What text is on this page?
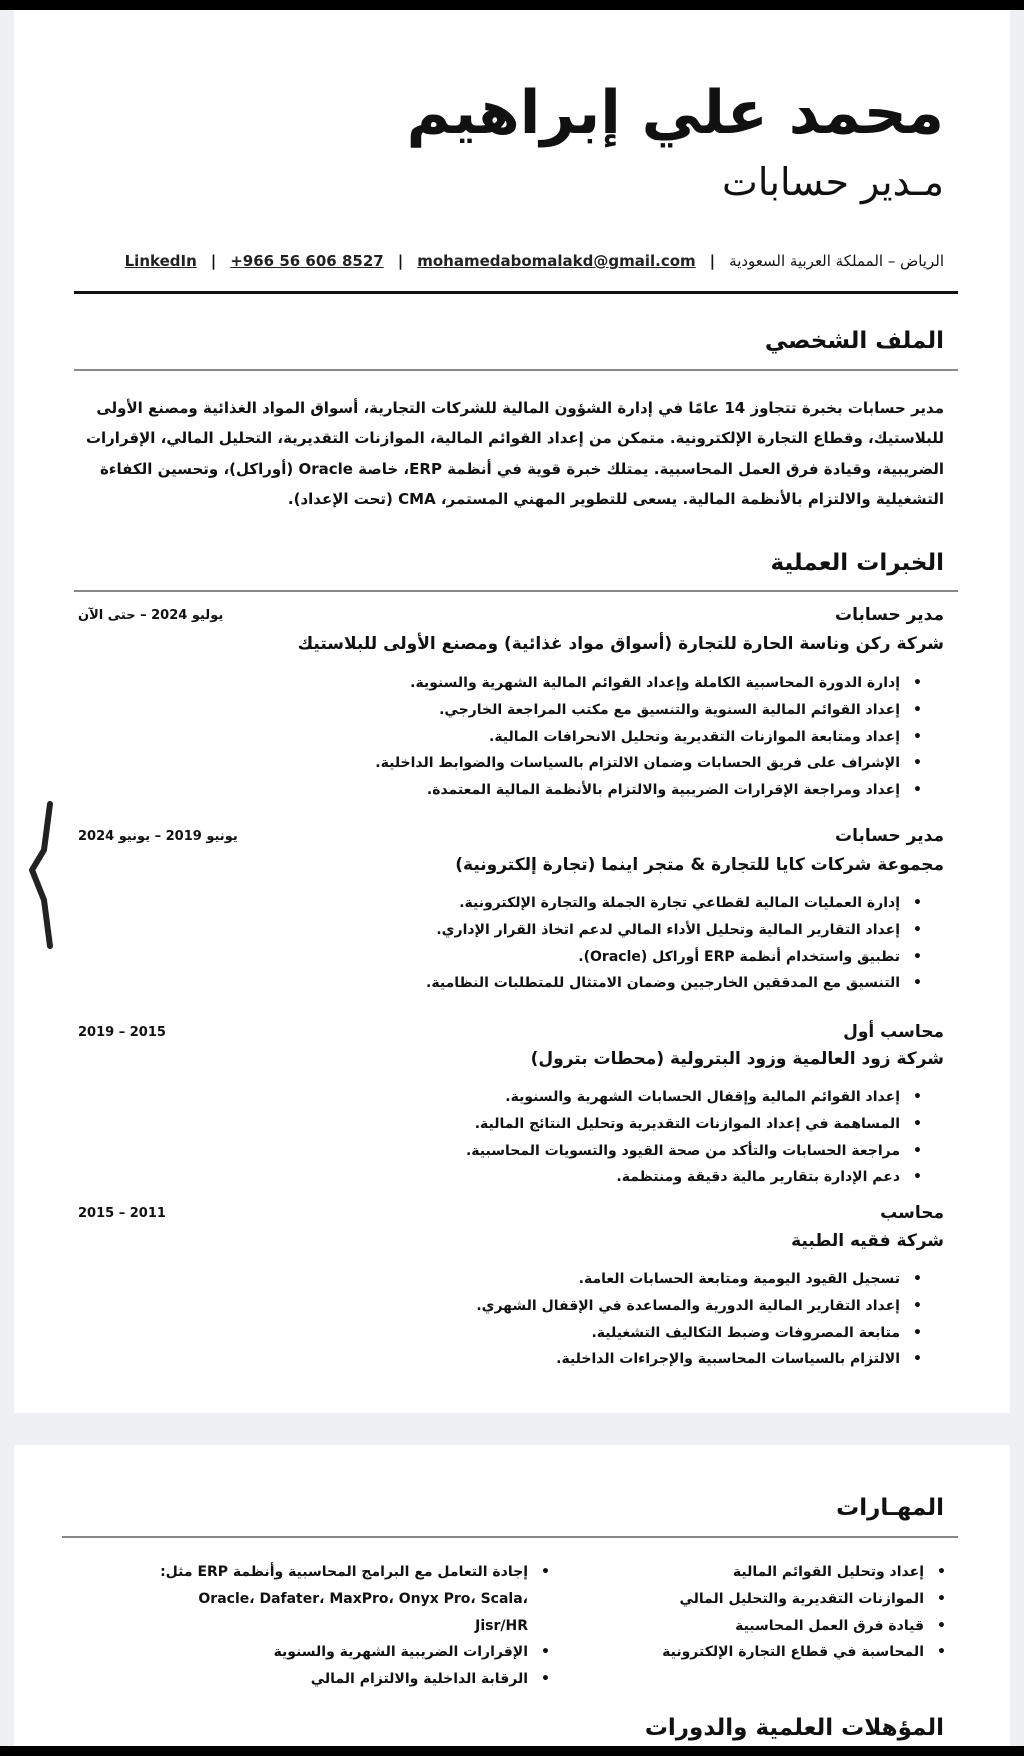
محمد علي إبراهيم
مـدير حسابات
الرياض – المملكة العربية السعودية
|
mohamedabomalakd@gmail.com
|
+966 56 606 8527
|
LinkedIn
الملف الشخصي
مدير حسابات بخبرة تتجاوز 14 عامًا في إدارة الشؤون المالية للشركات التجارية، أسواق المواد الغذائية ومصنع الأولى للبلاستيك، وقطاع التجارة الإلكترونية. متمكن من إعداد القوائم المالية، الموازنات التقديرية، التحليل المالي، الإقرارات الضريبية، وقيادة فرق العمل المحاسبية. يمتلك خبرة قوية في أنظمة ERP، خاصة Oracle (أوراكل)، وتحسين الكفاءة التشغيلية والالتزام بالأنظمة المالية. يسعى للتطوير المهني المستمر، CMA (تحت الإعداد).
الخبرات العملية
مدير حسابات
يوليو 2024 – حتى الآن
شركة ركن وناسة الحارة للتجارة (أسواق مواد غذائية) ومصنع الأولى للبلاستيك
• إدارة الدورة المحاسبية الكاملة وإعداد القوائم المالية الشهرية والسنوية.
• إعداد القوائم المالية السنوية والتنسيق مع مكتب المراجعة الخارجي.
• إعداد ومتابعة الموازنات التقديرية وتحليل الانحرافات المالية.
• الإشراف على فريق الحسابات وضمان الالتزام بالسياسات والضوابط الداخلية.
• إعداد ومراجعة الإقرارات الضريبية والالتزام بالأنظمة المالية المعتمدة.
مدير حسابات
يونيو 2019 – يونيو 2024
مجموعة شركات كايا للتجارة & متجر اينما (تجارة إلكترونية)
• إدارة العمليات المالية لقطاعي تجارة الجملة والتجارة الإلكترونية.
• إعداد التقارير المالية وتحليل الأداء المالي لدعم اتخاذ القرار الإداري.
• تطبيق واستخدام أنظمة ERP أوراكل (Oracle).
• التنسيق مع المدققين الخارجيين وضمان الامتثال للمتطلبات النظامية.
محاسب أول
2015 – 2019
شركة زود العالمية وزود البترولية (محطات بترول)
• إعداد القوائم المالية وإقفال الحسابات الشهرية والسنوية.
• المساهمة في إعداد الموازنات التقديرية وتحليل النتائج المالية.
• مراجعة الحسابات والتأكد من صحة القيود والتسويات المحاسبية.
• دعم الإدارة بتقارير مالية دقيقة ومنتظمة.
محاسب
2011 – 2015
شركة فقيه الطبية
• تسجيل القيود اليومية ومتابعة الحسابات العامة.
• إعداد التقارير المالية الدورية والمساعدة في الإقفال الشهري.
• متابعة المصروفات وضبط التكاليف التشغيلية.
• الالتزام بالسياسات المحاسبية والإجراءات الداخلية.
المهـارات
• إعداد وتحليل القوائم المالية
• الموازنات التقديرية والتحليل المالي
• قيادة فرق العمل المحاسبية
• المحاسبة في قطاع التجارة الإلكترونية
• إجادة التعامل مع البرامج المحاسبية وأنظمة ERP مثل:
Oracle، Dafater، MaxPro، Onyx Pro، Scala،
Jisr/HR
• الإقرارات الضريبية الشهرية والسنوية
• الرقابة الداخلية والالتزام المالي
المؤهلات العلمية والدورات
